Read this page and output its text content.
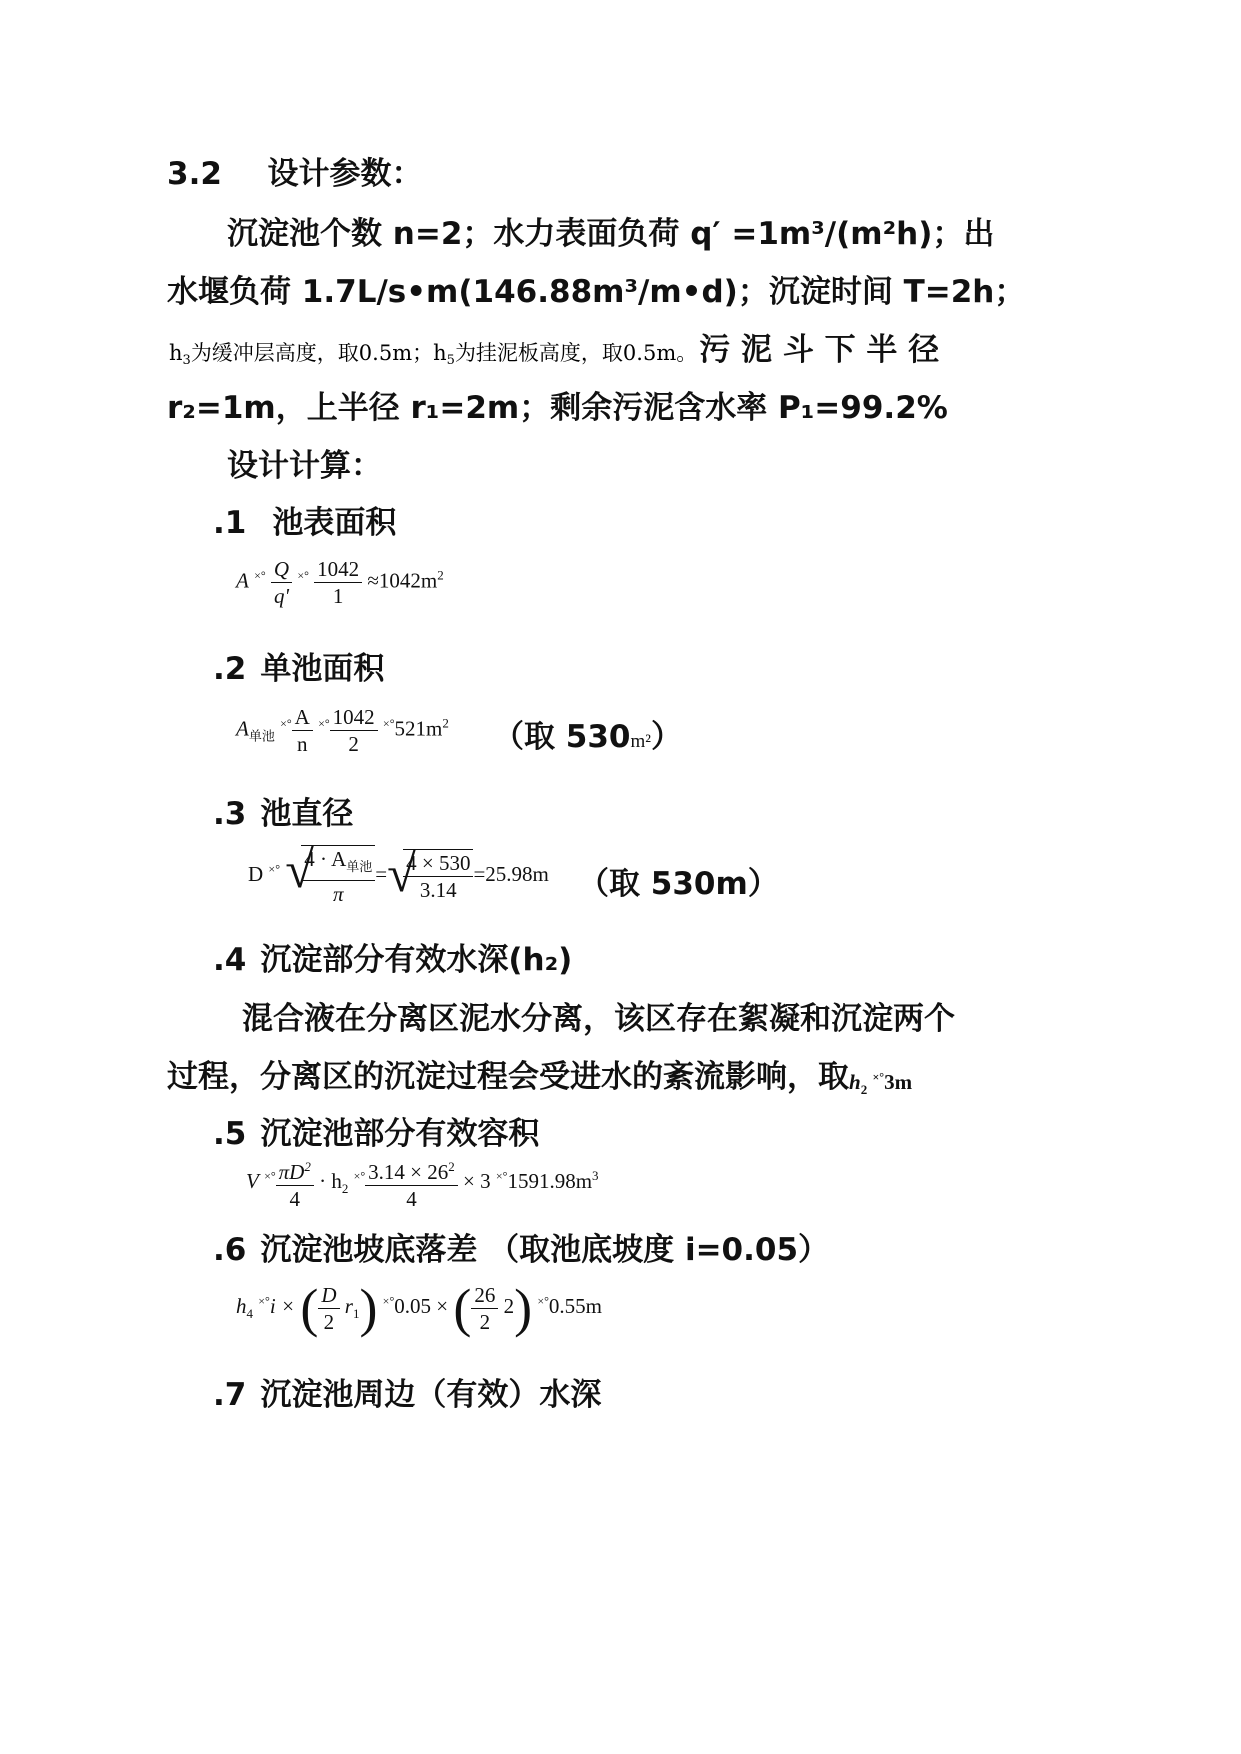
3.2 设计参数：
沉淀池个数 n=2；水力表面负荷 q′ =1m³/(m²h)；出
水堰负荷 1.7L/s•m(146.88m³/m•d)；沉淀时间 T=2h；
$h_3$为缓冲层高度，取0.5m；$h_5$为挂泥板高度，取0.5m。污 泥 斗 下 半 径
r₂=1m，上半径 r₁=2m；剩余污泥含水率 P₁=99.2%
设计计算：
.1 池表面积
A $^{\times^\circ} \frac{Q}{q'} ^{\times^\circ} \frac{1042}{1} \approx 1042m^2$
.2 单池面积
$A_{单池}$ $^{\times^\circ} \frac{A}{n} ^{\times^\circ} \frac{1042}{2} ^{\times^\circ}521m^2$ （取 530m²）
.3 池直径
D ×° √
$\frac{4 \cdot A_{单池}}{\pi}$ = √
$\frac{4 \times 530}{3.14} =25.98m$ （取 530m）
.4 沉淀部分有效水深(h₂)
混合液在分离区泥水分离，该区存在絮凝和沉淀两个
过程，分离区的沉淀过程会受进水的紊流影响，取$h_2$ ×°3m
.5 沉淀池部分有效容积
V $^{\times^\circ} \frac{\pi D^2}{4} \cdot h_2$ $^{\times^\circ} \frac{3.14 \times 26^2}{4} \times 3$ $^{\times^\circ}1591.98m^3$
.6 沉淀池坡底落差 （取池底坡度 i=0.05）
$h_4$ ×°i × ( $\frac{D}{2} r_1$) ×°0.05 × ( $\frac{26}{2} 2$) ×°0.55m
.7 沉淀池周边（有效）水深
